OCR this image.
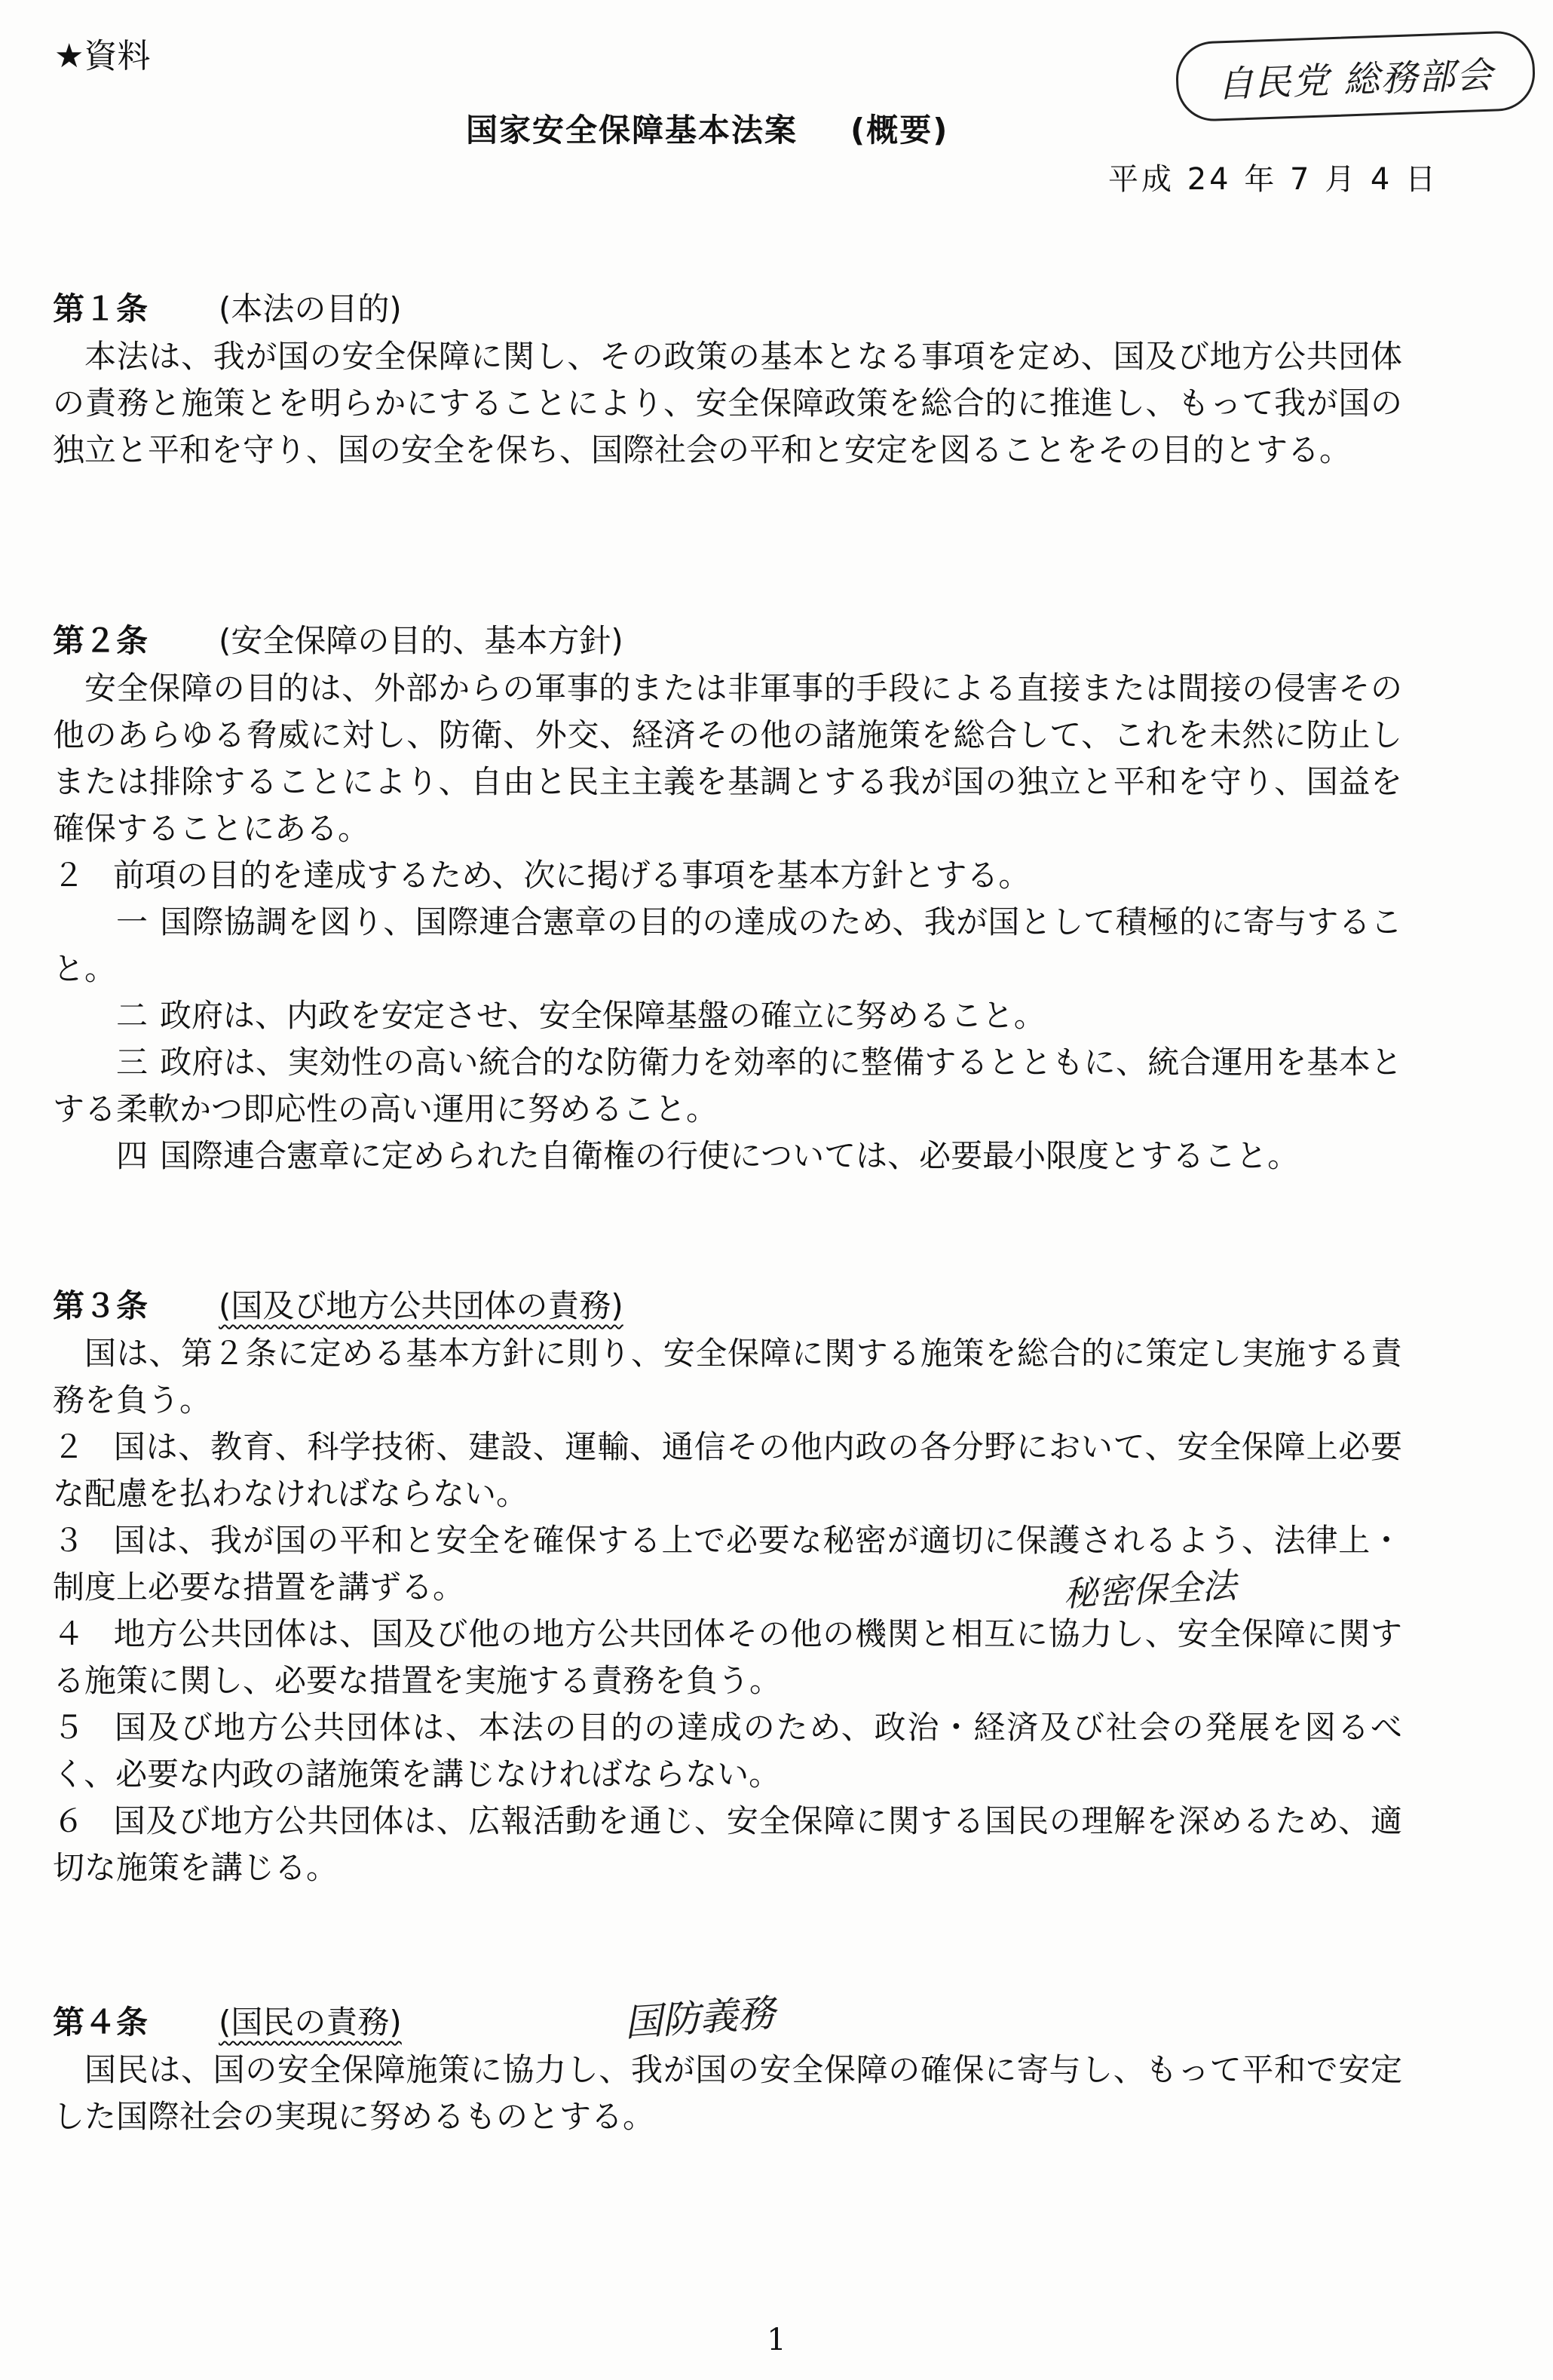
★資料	自民党 総務部会
国家安全保障基本法案 (概要)
平成 24 年 7 月 4 日
第１条 (本法の目的)
本法は、我が国の安全保障に関し、その政策の基本となる事項を定め、国及び地方公共団体の責務と施策とを明らかにすることにより、安全保障政策を総合的に推進し、もって我が国の独立と平和を守り、国の安全を保ち、国際社会の平和と安定を図ることをその目的とする。
第２条 (安全保障の目的、基本方針)
安全保障の目的は、外部からの軍事的または非軍事的手段による直接または間接の侵害その他のあらゆる脅威に対し、防衛、外交、経済その他の諸施策を総合して、これを未然に防止しまたは排除することにより、自由と民主主義を基調とする我が国の独立と平和を守り、国益を確保することにある。
２ 前項の目的を達成するため、次に掲げる事項を基本方針とする。
一 国際協調を図り、国際連合憲章の目的の達成のため、我が国として積極的に寄与すること。
二 政府は、内政を安定させ、安全保障基盤の確立に努めること。
三 政府は、実効性の高い統合的な防衛力を効率的に整備するとともに、統合運用を基本とする柔軟かつ即応性の高い運用に努めること。
四 国際連合憲章に定められた自衛権の行使については、必要最小限度とすること。
第３条 (国及び地方公共団体の責務)
国は、第２条に定める基本方針に則り、安全保障に関する施策を総合的に策定し実施する責務を負う。
２ 国は、教育、科学技術、建設、運輸、通信その他内政の各分野において、安全保障上必要な配慮を払わなければならない。
３ 国は、我が国の平和と安全を確保する上で必要な秘密が適切に保護されるよう、法律上・制度上必要な措置を講ずる。
４ 地方公共団体は、国及び他の地方公共団体その他の機関と相互に協力し、安全保障に関する施策に関し、必要な措置を実施する責務を負う。
５ 国及び地方公共団体は、本法の目的の達成のため、政治・経済及び社会の発展を図るべく、必要な内政の諸施策を講じなければならない。
６ 国及び地方公共団体は、広報活動を通じ、安全保障に関する国民の理解を深めるため、適切な施策を講じる。
第４条 (国民の責務)
国民は、国の安全保障施策に協力し、我が国の安全保障の確保に寄与し、もって平和で安定した国際社会の実現に努めるものとする。
秘密保全法
国防義務
1
